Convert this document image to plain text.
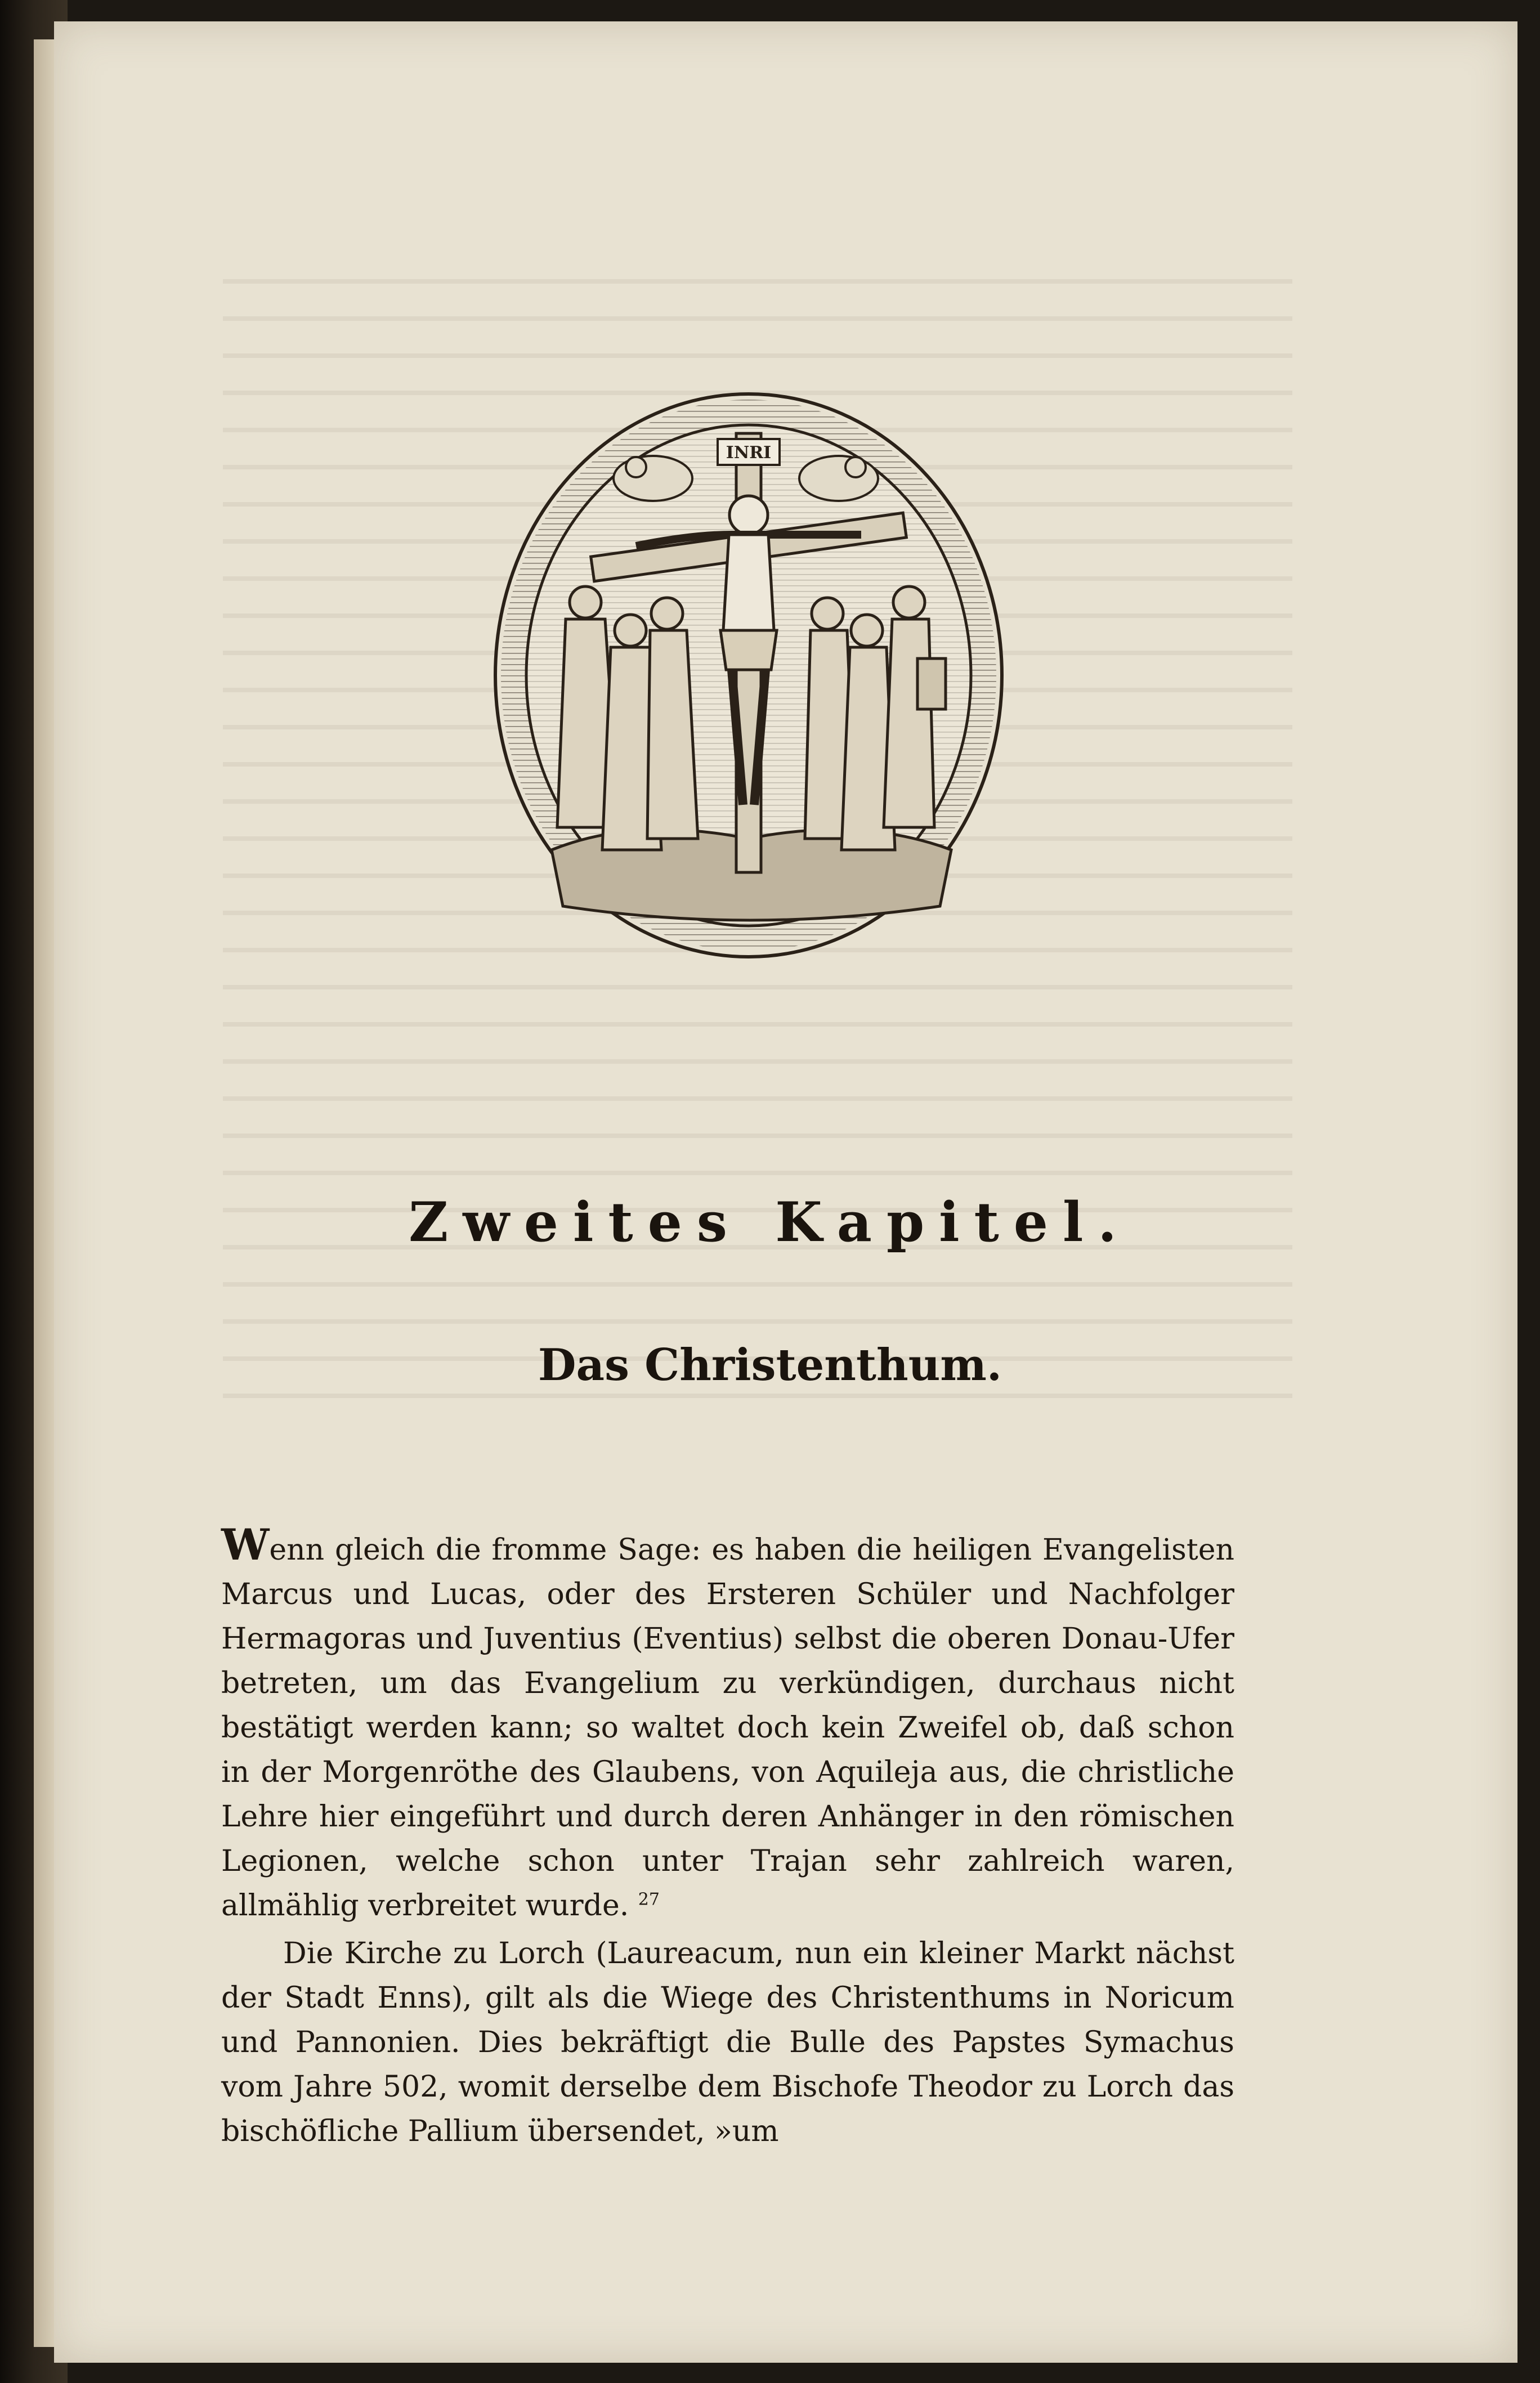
INRI
Zweites Kapitel.
Das Christenthum.

Wenn gleich die fromme Sage: es haben die heiligen Evangelisten Marcus und Lucas, oder des Ersteren Schüler und Nachfolger Hermagoras und Juventius (Eventius) selbst die oberen Donau-Ufer betreten, um das Evangelium zu verkündigen, durchaus nicht bestätigt werden kann; so waltet doch kein Zweifel ob, daß schon in der Morgenröthe des Glaubens, von Aquileja aus, die christliche Lehre hier eingeführt und durch deren Anhänger in den römischen Legionen, welche schon unter Trajan sehr zahlreich waren, allmählig verbreitet wurde. $^{27}$

Die Kirche zu Lorch (Laureacum, nun ein kleiner Markt nächst der Stadt Enns), gilt als die Wiege des Christenthums in Noricum und Pannonien. Dies bekräftigt die Bulle des Papstes Symachus vom Jahre 502, womit derselbe dem Bischofe Theodor zu Lorch das bischöfliche Pallium übersendet, »um
